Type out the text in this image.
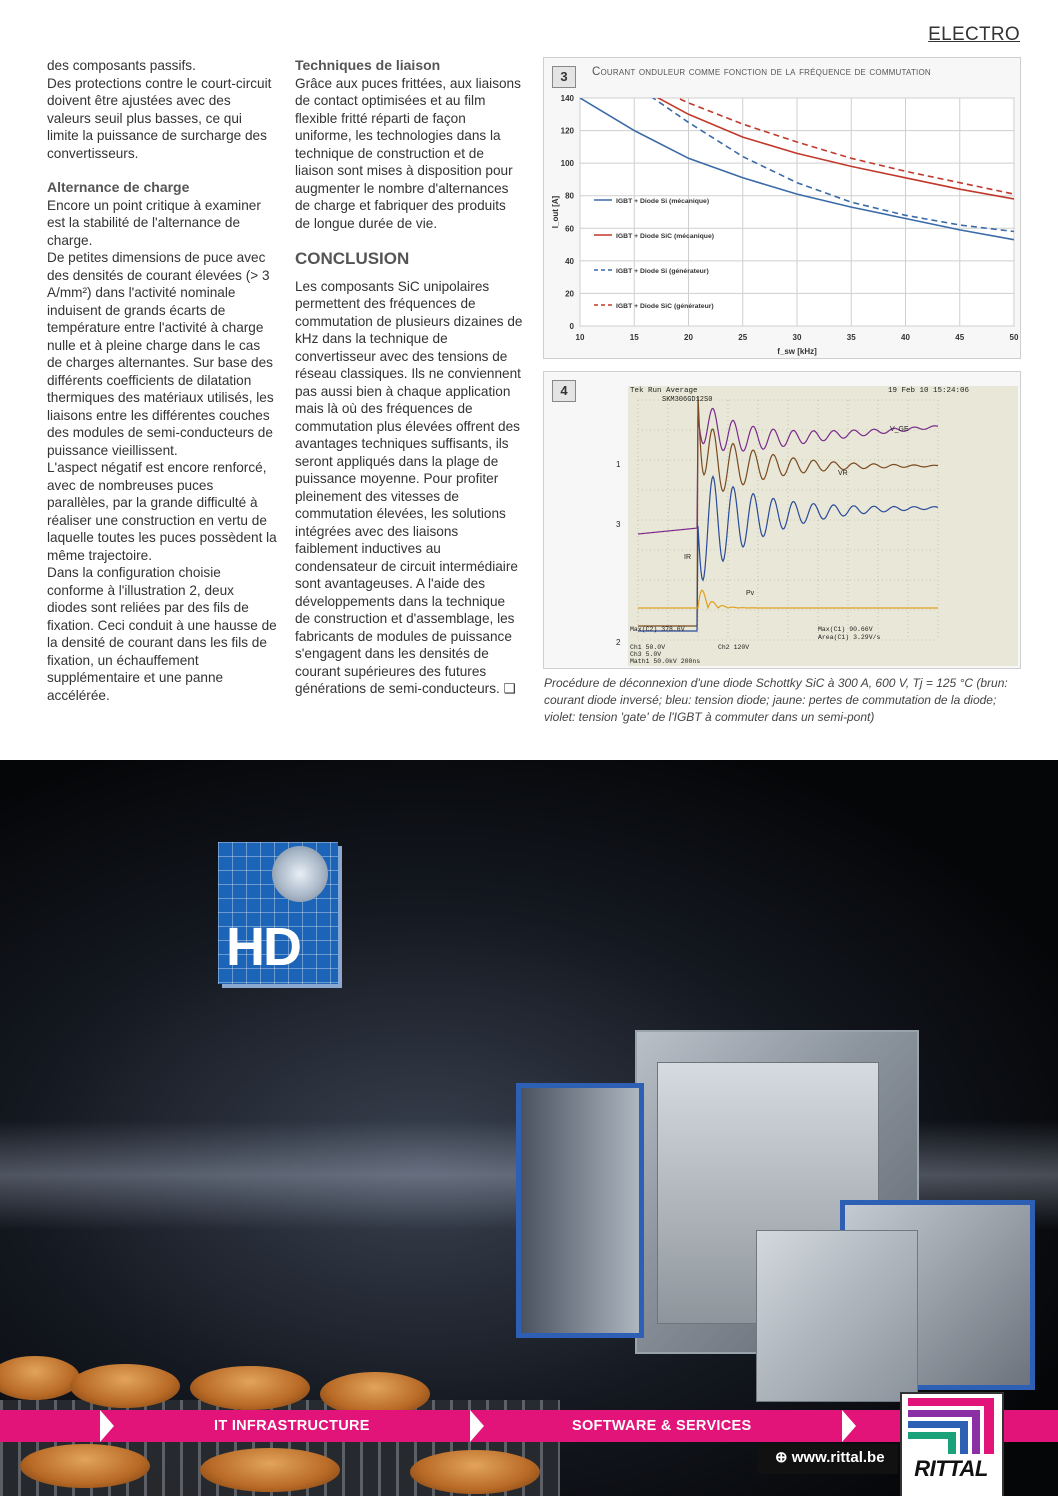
ELECTRO

des composants passifs.

Des protections contre le court-circuit doivent être ajustées avec des valeurs seuil plus basses, ce qui limite la puissance de surcharge des convertisseurs.

Alternance de charge

Encore un point critique à examiner est la stabilité de l'alternance de charge.

De petites dimensions de puce avec des densités de courant élevées (> 3 A/mm²) dans l'activité nominale induisent de grands écarts de température entre l'activité à charge nulle et à pleine charge dans le cas de charges alternantes. Sur base des différents coefficients de dilatation thermiques des matériaux utilisés, les liaisons entre les différentes couches des modules de semi-conducteurs de puissance vieillissent.

L'aspect négatif est encore renforcé, avec de nombreuses puces parallèles, par la grande difficulté à réaliser une construction en vertu de laquelle toutes les puces possèdent la même trajectoire.

Dans la configuration choisie conforme à l'illustration 2, deux diodes sont reliées par des fils de fixation. Ceci conduit à une hausse de la densité de courant dans les fils de fixation, un échauffement supplémentaire et une panne accélérée.

Techniques de liaison

Grâce aux puces frittées, aux liaisons de contact optimisées et au film flexible fritté réparti de façon uniforme, les technologies dans la technique de construction et de liaison sont mises à disposition pour augmenter le nombre d'alternances de charge et fabriquer des produits de longue durée de vie.

CONCLUSION

Les composants SiC unipolaires permettent des fréquences de commutation de plusieurs dizaines de kHz dans la technique de convertisseur avec des tensions de réseau classiques. Ils ne conviennent pas aussi bien à chaque application mais là où des fréquences de commutation plus élevées offrent des avantages techniques suffisants, ils seront appliqués dans la plage de puissance moyenne. Pour profiter pleinement des vitesses de commutation élevées, les solutions intégrées avec des liaisons faiblement inductives au condensateur de circuit intermédiaire sont avantageuses. A l'aide des développements dans la technique de construction et d'assemblage, les fabricants de modules de puissance s'engagent dans les densités de courant supérieures des futures générations de semi-conducteurs. ❑

3	Courant onduleur comme fonction de la fréquence de commutation
10	15	20	25	30	35	40	45	50
0
20
40
60
80
100
120
140
f_sw [kHz]
I_out [A]	IGBT + Diode Si (mécanique)
IGBT + Diode SiC (mécanique)
IGBT + Diode Si (générateur)
IGBT + Diode SiC (générateur)
4	Tek Run Average	19 Feb 10 15:24:06
SKM306GD12S0
V_GE
VR
IR
Pv
1
3
2
Max(C2) 378.6V	Max(C1) 90.66V
Area(C1) 3.29V/s
Ch1 50.0V
Ch3 5.0V
Ch2 120V
Math1 50.0kV 200ns
Procédure de déconnexion d'une diode Schottky SiC à 300 A, 600 V, Tj = 125 °C (brun: courant diode inversé; bleu: tension diode; jaune: pertes de commutation de la diode; violet: tension 'gate' de l'IGBT à commuter dans un semi-pont)
HD
IT INFRASTRUCTURE	SOFTWARE & SERVICES
⊕ www.rittal.be	RITTAL
